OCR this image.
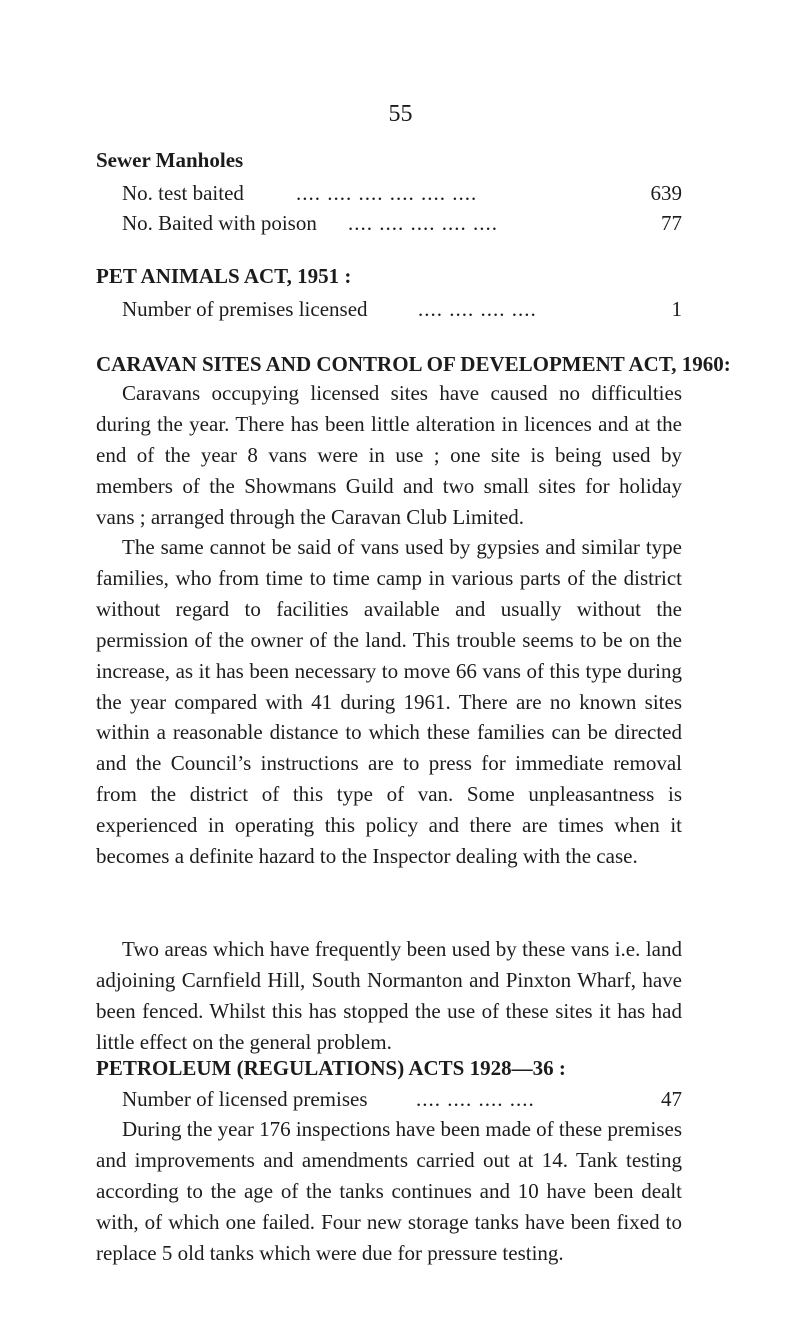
55
Sewer Manholes
No. test baited .... .... .... .... .... ....	639
No. Baited with poison .... .... .... .... ....	77
PET ANIMALS ACT, 1951 :
Number of premises licensed .... .... .... ....	1
CARAVAN SITES AND CONTROL OF DEVELOPMENT ACT, 1960:

Caravans occupying licensed sites have caused no difficulties during the year. There has been little alteration in licences and at the end of the year 8 vans were in use ; one site is being used by members of the Showmans Guild and two small sites for holiday vans ; arranged through the Caravan Club Limited.

The same cannot be said of vans used by gypsies and similar type families, who from time to time camp in various parts of the district without regard to facilities available and usually without the permission of the owner of the land. This trouble seems to be on the increase, as it has been necessary to move 66 vans of this type during the year compared with 41 during 1961. There are no known sites within a reasonable distance to which these families can be directed and the Council’s instructions are to press for immediate removal from the district of this type of van. Some unpleasantness is experienced in operating this policy and there are times when it becomes a definite hazard to the Inspector dealing with the case.

Two areas which have frequently been used by these vans i.e. land adjoining Carnfield Hill, South Normanton and Pinxton Wharf, have been fenced. Whilst this has stopped the use of these sites it has had little effect on the general problem.

PETROLEUM (REGULATIONS) ACTS 1928—36 :
Number of licensed premises .... .... .... ....	47

During the year 176 inspections have been made of these premises and improvements and amendments carried out at 14. Tank testing according to the age of the tanks continues and 10 have been dealt with, of which one failed. Four new storage tanks have been fixed to replace 5 old tanks which were due for pressure testing.
